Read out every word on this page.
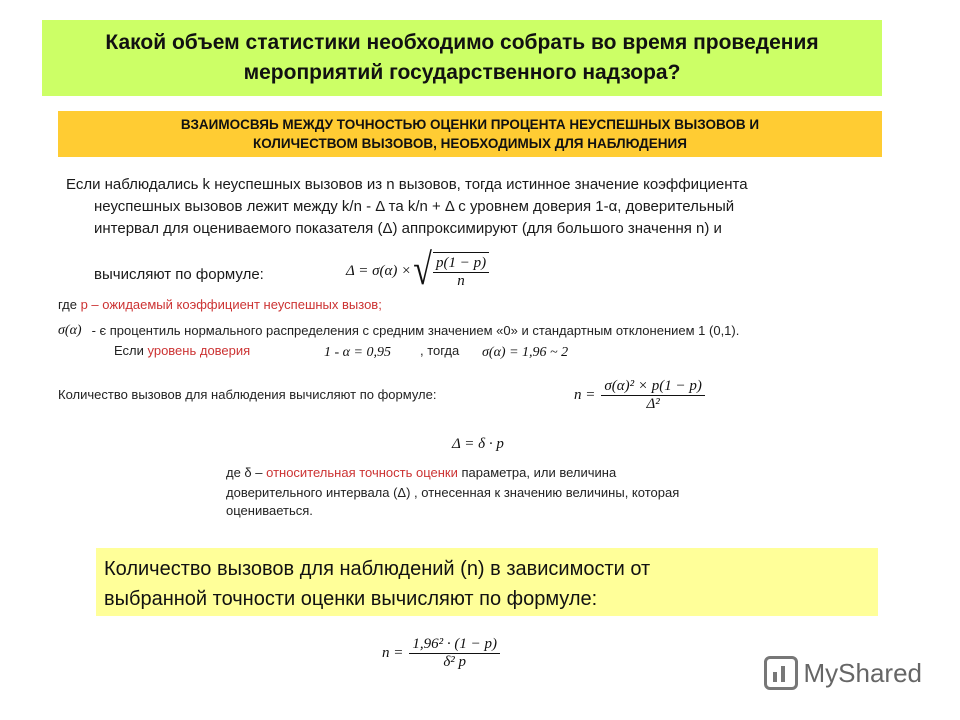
Какой объем статистики необходимо собрать во время проведения
мероприятий государственного надзора?
ВЗАИМОСВЯЬ МЕЖДУ ТОЧНОСТЬЮ ОЦЕНКИ ПРОЦЕНТА НЕУСПЕШНЫХ ВЫЗОВОВ И
КОЛИЧЕСТВОМ ВЫЗОВОВ, НЕОБХОДИМЫХ ДЛЯ НАБЛЮДЕНИЯ
Если наблюдались k неуспешных вызовов из n вызовов, тогда истинное значение коэффициента
неуспешных вызовов лежит между k/n - Δ та k/n + Δ с уровнем доверия 1-α, доверительный
интервал для оцениваемого показателя (Δ) аппроксимируют (для большого значення n) и
вычисляют по формуле:	Δ = σ(α) × √ $\frac{p(1 - p)}{n}$
где p – ожидаемый коэффициент неуспешных вызов;
σ(α) - є процентиль нормального распределения с средним значением «0» и стандартным отклонением 1 (0,1).
Если уровень доверия	1 - α = 0,95 , тогда σ(α) = 1,96 ~ 2
Количество вызовов для наблюдения вычисляют по формуле:	$n = \frac{\text{σ(α)² × p(1 − p)}}{\text{Δ²}}$
Δ = δ · p
де δ – относительная точность оценки параметра, или величина
доверительного интервала (Δ) , отнесенная к значению величины, которая
оцениваеться.
Количество вызовов для наблюдений (n) в зависимости от
выбранной точности оценки вычисляют по формуле:
$n = \frac{\text{1,96² · (1 − p)}}{\text{δ² p}}$
MyShared
